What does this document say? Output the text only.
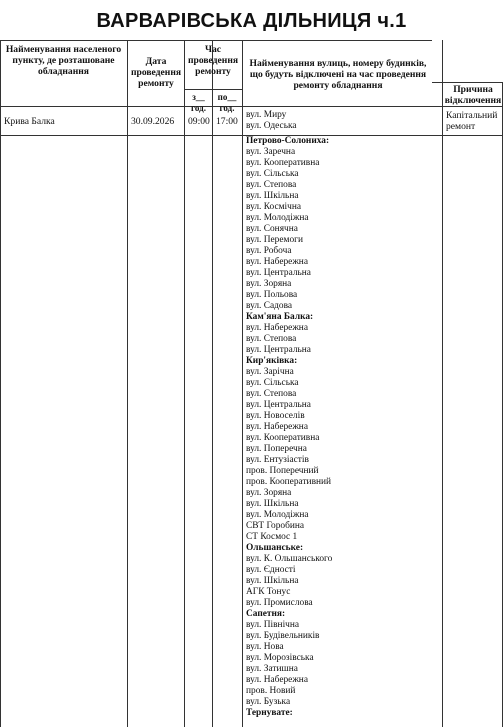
ВАРВАРІВСЬКА ДІЛЬНИЦЯ ч.1
Найменування населеного пункту, де розташоване обладнання
Дата проведення ремонту
Час проведення ремонту
з__ год.
по__ год.
Найменування вулиць, номеру будинків, що будуть відключені на час проведення ремонту обладнання	Причина відключення
Крива Балка	30.09.2026 09:00 17:00
Капітальний ремонт
вул. Миру
вул. Одеська
Петрово-Солониха:
вул. Заречна
вул. Кооперативна
вул. Сільська
вул. Степова
вул. Шкільна
вул. Космічна
вул. Молодіжна
вул. Сонячна
вул. Перемоги
вул. Робоча
вул. Набережна
вул. Центральна
вул. Зоряна
вул. Польова
вул. Садова
Кам'яна Балка:
вул. Набережна
вул. Степова
вул. Центральна
Кир'яківка:
вул. Зарічна
вул. Сільська
вул. Степова
вул. Центральна
вул. Новоселів
вул. Набережна
вул. Кооперативна
вул. Поперечна
вул. Ентузіастів
пров. Поперечний
пров. Кооперативний
вул. Зоряна
вул. Шкільна
вул. Молодіжна
СВТ Горобина
СТ Космос 1
Ольшанське:
вул. К. Ольшанського
вул. Єдності
вул. Шкільна
АГК Тонус
вул. Промислова
Сапетня:
вул. Північна
вул. Будівельників
вул. Нова
вул. Морозівська
вул. Затишна
вул. Набережна
пров. Новий
вул. Бузька
Тернувате:
